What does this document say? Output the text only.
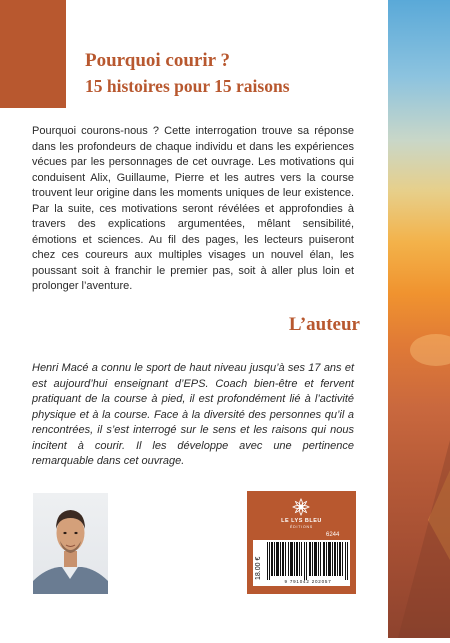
Pourquoi courir ?
15 histoires pour 15 raisons

Pourquoi courons-nous ? Cette interrogation trouve sa réponse dans les profondeurs de chaque individu et dans les expériences vécues par les personnages de cet ouvrage. Les motivations qui conduisent Alix, Guillaume, Pierre et les autres vers la course trouvent leur origine dans les moments uniques de leur existence. Par la suite, ces motivations seront révélées et approfondies à travers des explications argumentées, mêlant sensibilité, émotions et sciences. Au fil des pages, les lecteurs puiseront chez ces coureurs aux multiples visages un nouvel élan, les poussant soit à franchir le premier pas, soit à aller plus loin et prolonger l’aventure.

L’auteur

Henri Macé a connu le sport de haut niveau jusqu’à ses 17 ans et est aujourd’hui enseignant d’EPS. Coach bien-être et fervent pratiquant de la course à pied, il est profondément lié à l’activité physique et à la course. Face à la diversité des personnes qu’il a rencontrées, il s’est interrogé sur le sens et les raisons qui nous incitent à courir. Il les développe avec une pertinence remarquable dans cet ouvrage.

LE LYS BLEU
ÉDITIONS
6244
18.00 €
9 791042 202057
